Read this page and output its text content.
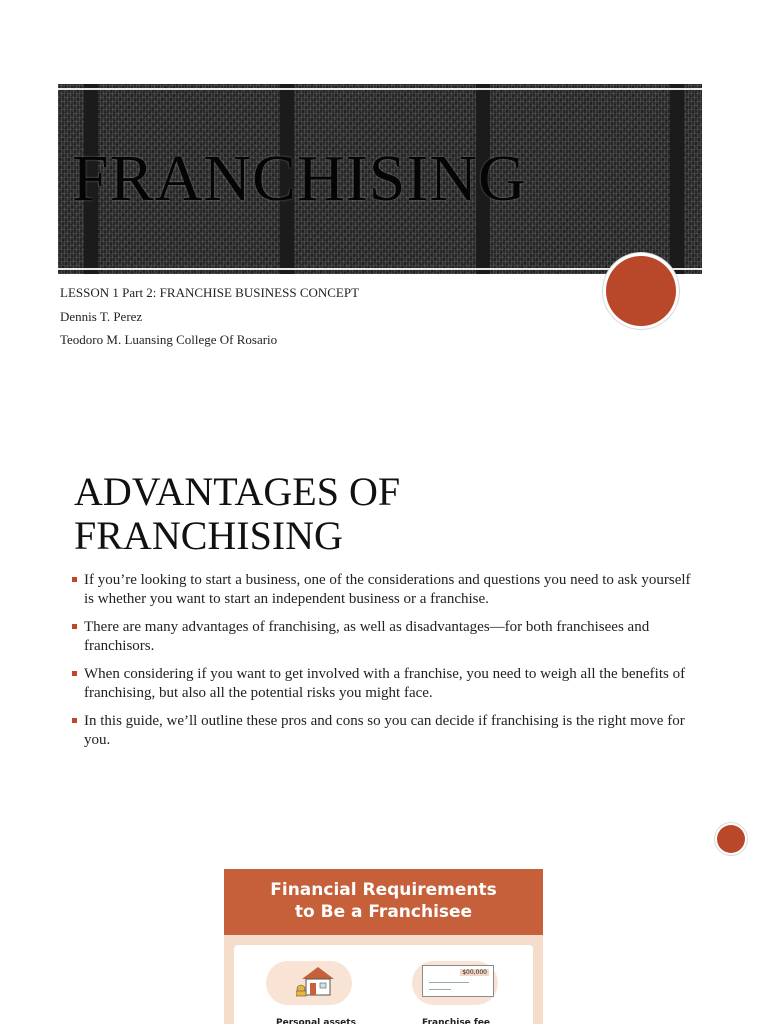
FRANCHISING
LESSON 1 Part 2: FRANCHISE BUSINESS CONCEPT
Dennis T. Perez
Teodoro M. Luansing College Of Rosario
ADVANTAGES OF
FRANCHISING
If you’re looking to start a business, one of the considerations and questions you need to ask yourself is whether you want to start an independent business or a franchise.
There are many advantages of franchising, as well as disadvantages—for both franchisees and franchisors.
When considering if you want to get involved with a franchise, you need to weigh all the benefits of franchising, but also all the potential risks you might face.
In this guide, we’ll outline these pros and cons so you can decide if franchising is the right move for you.
Financial Requirements
to Be a Franchisee
$00,000
Personal assets	Franchise fee
